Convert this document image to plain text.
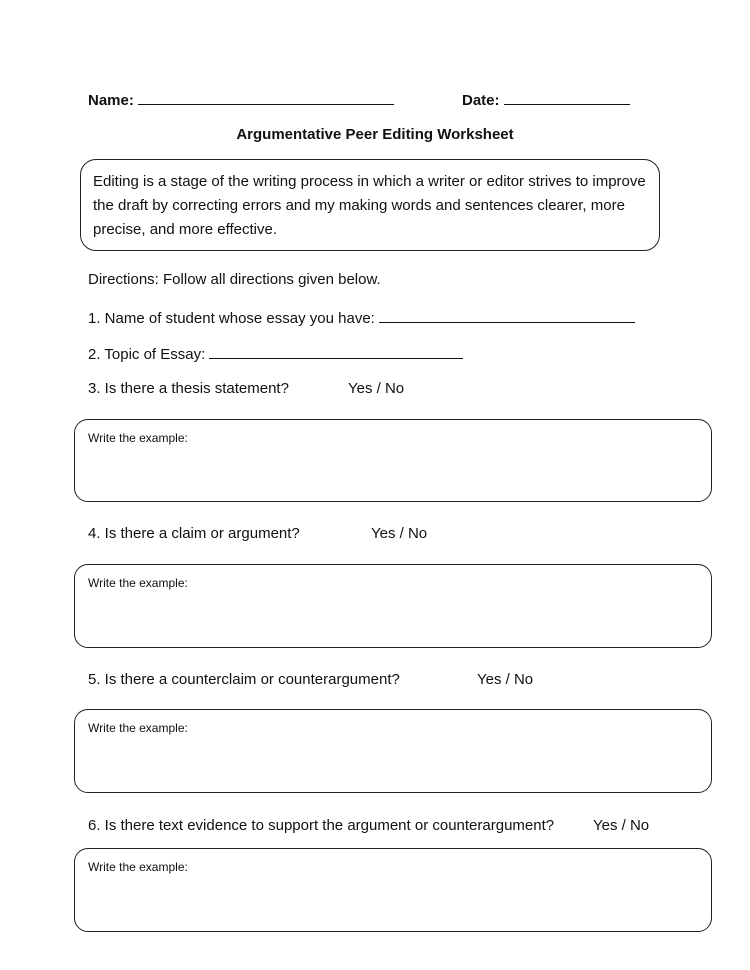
Name:	Date:
Argumentative Peer Editing Worksheet
Editing is a stage of the writing process in which a writer or editor strives to improve the draft by correcting errors and my making words and sentences clearer, more precise, and more effective.
Directions: Follow all directions given below.
1. Name of student whose essay you have:
2. Topic of Essay:
3. Is there a thesis statement?	Yes / No
Write the example:
4. Is there a claim or argument?	Yes / No
Write the example:
5. Is there a counterclaim or counterargument?	Yes / No
Write the example:
6. Is there text evidence to support the argument or counterargument?	Yes / No
Write the example:
